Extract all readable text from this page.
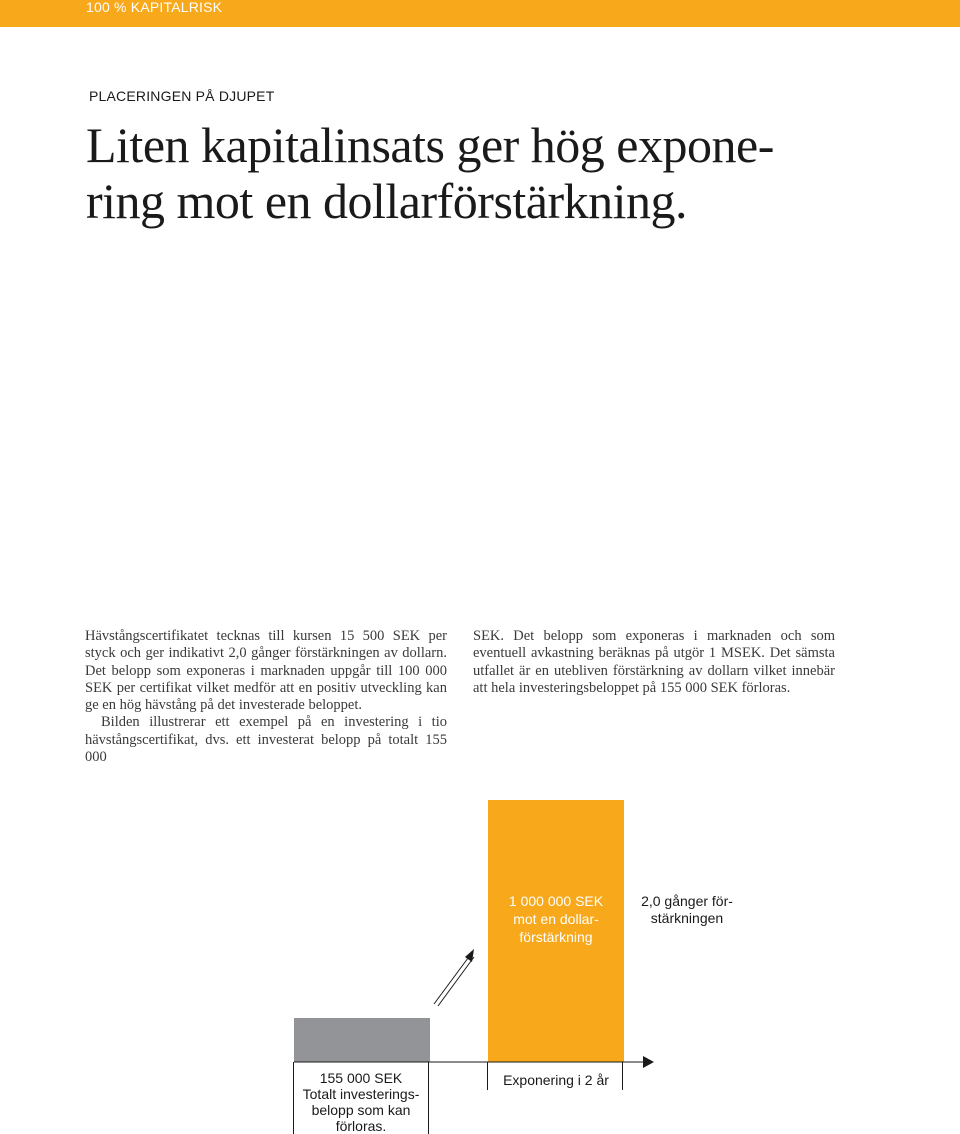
100 % KAPITALRISK
PLACERINGEN PÅ DJUPET
Liten kapitalinsats ger hög expone-
ring mot en dollarförstärkning.

Hävstångscertifikatet tecknas till kursen 15 500 SEK per styck och ger indikativt 2,0 gånger förstärkningen av dollarn. Det belopp som exponeras i marknaden uppgår till 100 000 SEK per certifikat vilket medför att en positiv utveckling kan ge en hög hävstång på det investerade beloppet.

Bilden illustrerar ett exempel på en investering i tio hävstångscertifikat, dvs. ett investerat belopp på totalt 155 000

SEK. Det belopp som exponeras i marknaden och som eventuell avkastning beräknas på utgör 1 MSEK. Det sämsta utfallet är en utebliven förstärkning av dollarn vilket innebär att hela investeringsbeloppet på 155 000 SEK förloras.

1 000 000 SEK
mot en dollar-
förstärkning
2,0 gånger för-
stärkningen
155 000 SEK
Totalt investerings-
belopp som kan
förloras.
Exponering i 2 år
